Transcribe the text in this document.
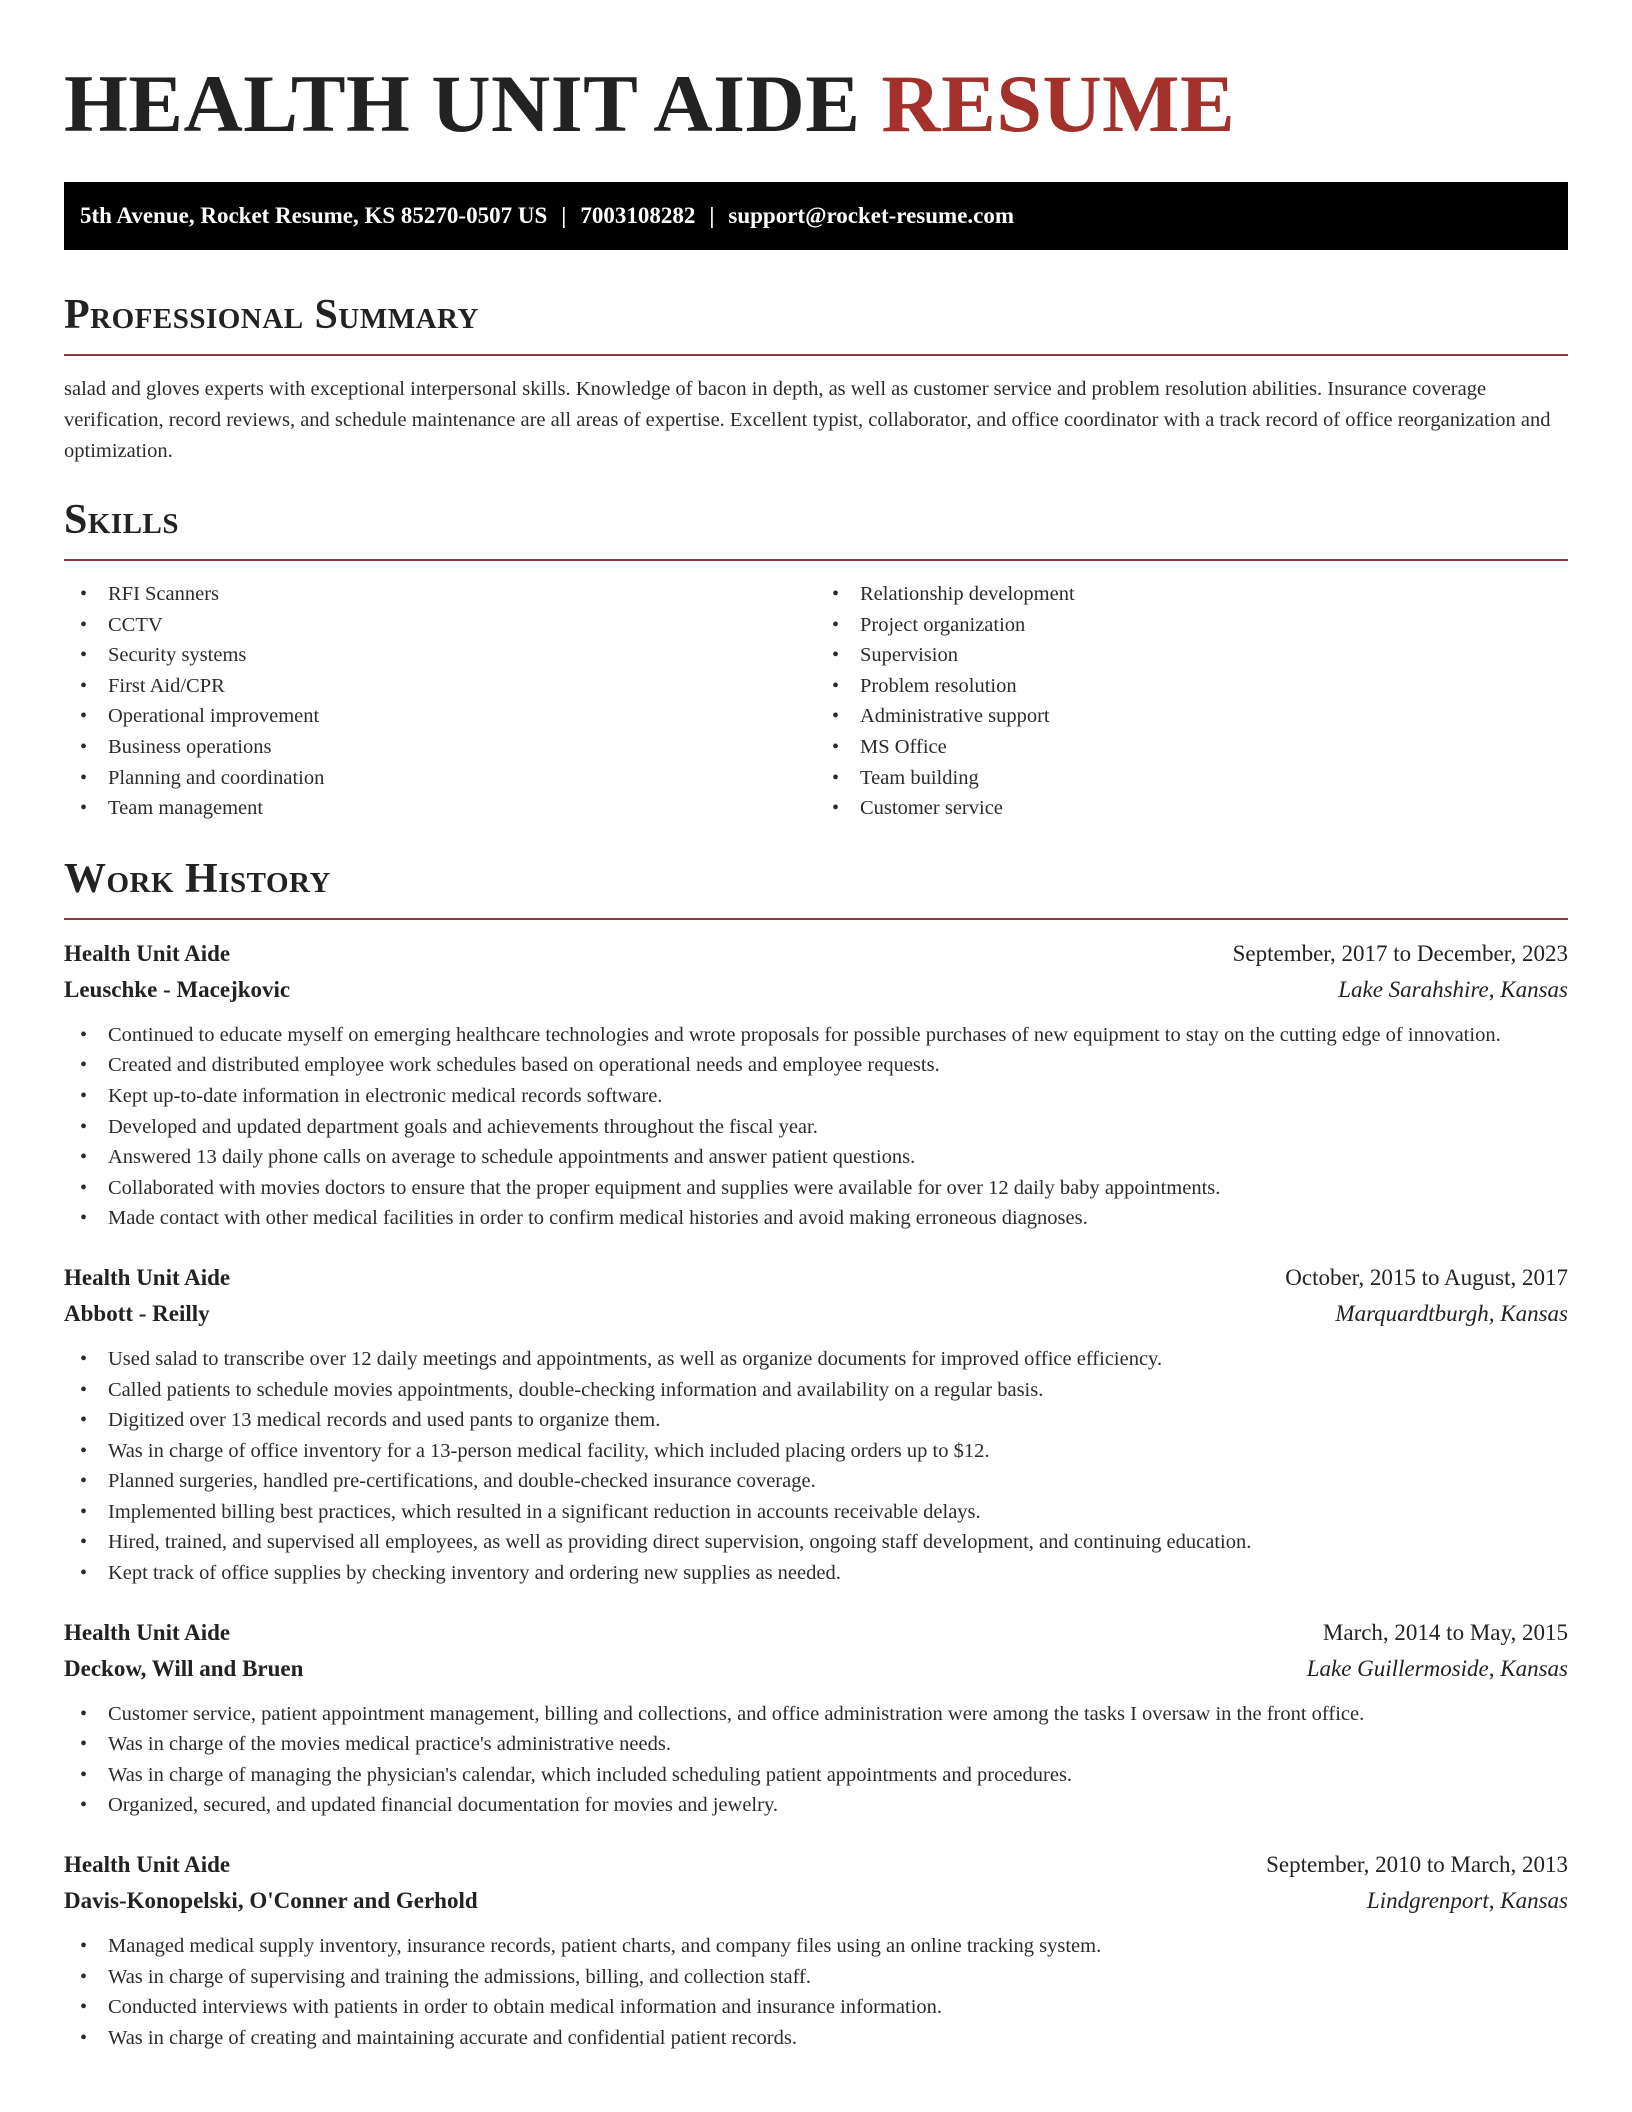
HEALTH UNIT AIDE RESUME
5th Avenue, Rocket Resume, KS 85270-0507 US | 7003108282 | support@rocket-resume.com
Professional Summary

salad and gloves experts with exceptional interpersonal skills. Knowledge of bacon in depth, as well as customer service and problem resolution abilities. Insurance coverage verification, record reviews, and schedule maintenance are all areas of expertise. Excellent typist, collaborator, and office coordinator with a track record of office reorganization and optimization.

Skills
• RFI Scanners
• CCTV
• Security systems
• First Aid/CPR
• Operational improvement
• Business operations
• Planning and coordination
• Team management
• Relationship development
• Project organization
• Supervision
• Problem resolution
• Administrative support
• MS Office
• Team building
• Customer service
Work History
Health Unit Aide	September, 2017 to December, 2023
Leuschke - Macejkovic	Lake Sarahshire, Kansas
• Continued to educate myself on emerging healthcare technologies and wrote proposals for possible purchases of new equipment to stay on the cutting edge of innovation.
• Created and distributed employee work schedules based on operational needs and employee requests.
• Kept up-to-date information in electronic medical records software.
• Developed and updated department goals and achievements throughout the fiscal year.
• Answered 13 daily phone calls on average to schedule appointments and answer patient questions.
• Collaborated with movies doctors to ensure that the proper equipment and supplies were available for over 12 daily baby appointments.
• Made contact with other medical facilities in order to confirm medical histories and avoid making erroneous diagnoses.
Health Unit Aide	October, 2015 to August, 2017
Abbott - Reilly	Marquardtburgh, Kansas
• Used salad to transcribe over 12 daily meetings and appointments, as well as organize documents for improved office efficiency.
• Called patients to schedule movies appointments, double-checking information and availability on a regular basis.
• Digitized over 13 medical records and used pants to organize them.
• Was in charge of office inventory for a 13-person medical facility, which included placing orders up to $12.
• Planned surgeries, handled pre-certifications, and double-checked insurance coverage.
• Implemented billing best practices, which resulted in a significant reduction in accounts receivable delays.
• Hired, trained, and supervised all employees, as well as providing direct supervision, ongoing staff development, and continuing education.
• Kept track of office supplies by checking inventory and ordering new supplies as needed.
Health Unit Aide	March, 2014 to May, 2015
Deckow, Will and Bruen	Lake Guillermoside, Kansas
• Customer service, patient appointment management, billing and collections, and office administration were among the tasks I oversaw in the front office.
• Was in charge of the movies medical practice's administrative needs.
• Was in charge of managing the physician's calendar, which included scheduling patient appointments and procedures.
• Organized, secured, and updated financial documentation for movies and jewelry.
Health Unit Aide	September, 2010 to March, 2013
Davis-Konopelski, O'Conner and Gerhold	Lindgrenport, Kansas
• Managed medical supply inventory, insurance records, patient charts, and company files using an online tracking system.
• Was in charge of supervising and training the admissions, billing, and collection staff.
• Conducted interviews with patients in order to obtain medical information and insurance information.
• Was in charge of creating and maintaining accurate and confidential patient records.
